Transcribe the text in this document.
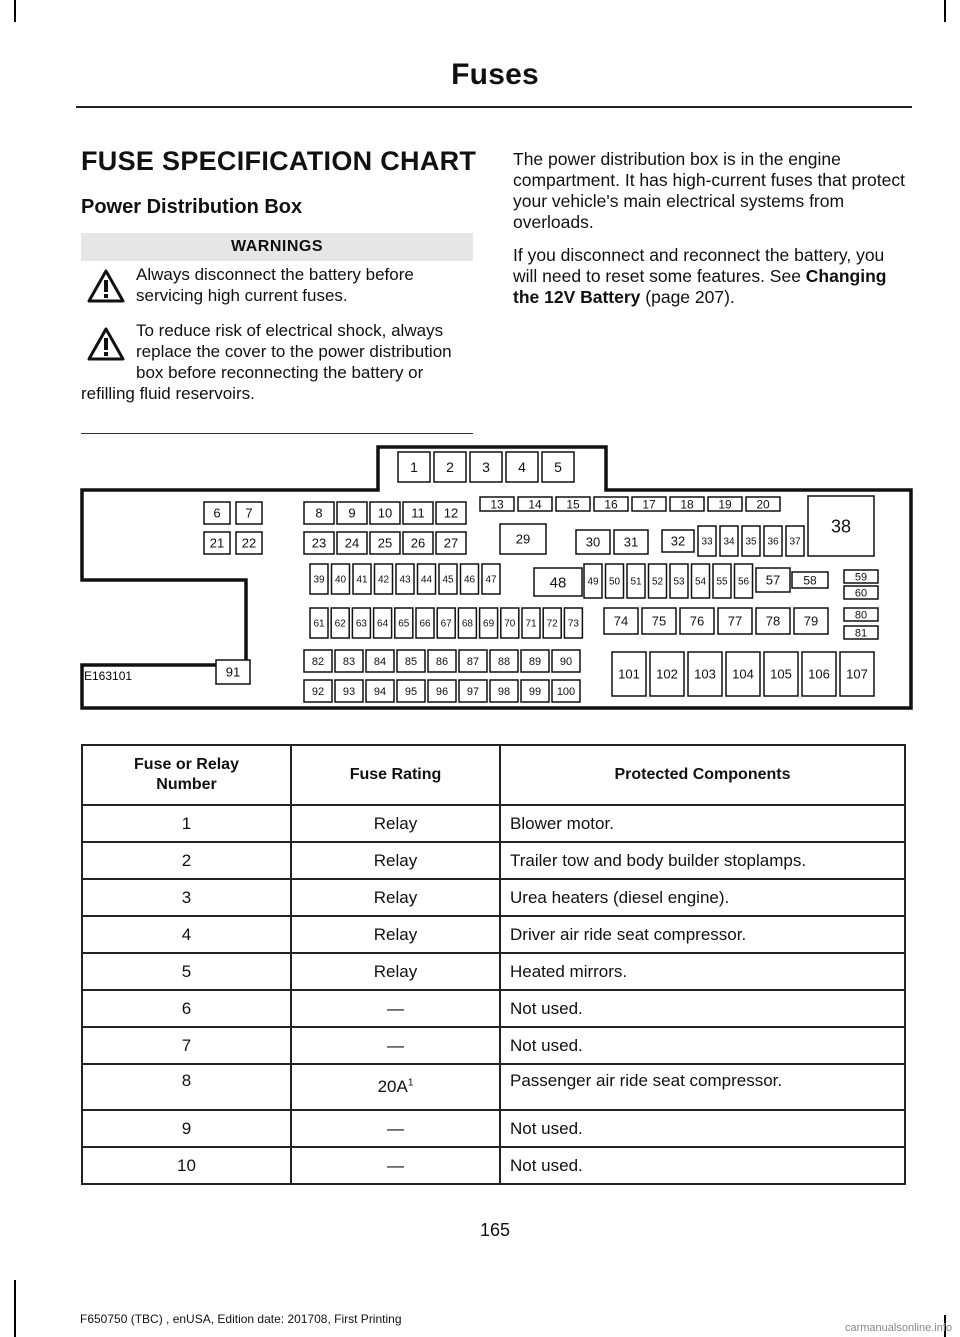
Fuses
FUSE SPECIFICATION CHART
Power Distribution Box
WARNINGS
Always disconnect the battery before servicing high current fuses.
To reduce risk of electrical shock, always replace the cover to the power distribution box before reconnecting the battery or refilling fluid reservoirs.
The power distribution box is in the engine compartment. It has high-current fuses that protect your vehicle's main electrical systems from overloads.
If you disconnect and reconnect the battery, you will need to reset some features. See Changing the 12V Battery (page 207).
1 2 3 4 5
6 7
21 22
8 9 10 11 12
23 24 25 26 27
13 14 15 16 17 18 19 20
29	30 31	32 33 34 35 36 37
38
39 40 41 42 43 44 45 46 47	48 49 50 51 52 53 54 55 56 57 58	59
60
80
81
61 62 63 64 65 66 67 68 69 70 71 72 73	74 75 76 77 78 79
91
82 83 84 85 86 87 88 89 90
92 93 94 95 96 97 98 99 100
101 102 103 104 105 106 107
E163101
Fuse or Relay Number	Fuse Rating	Protected Components
1	Relay	Blower motor.
2	Relay	Trailer tow and body builder stoplamps.
3	Relay	Urea heaters (diesel engine).
4	Relay	Driver air ride seat compressor.
5	Relay	Heated mirrors.
6	—	Not used.
7	—	Not used.
8	$20A^1$	Passenger air ride seat compressor.
9	—	Not used.
10	—	Not used.
165
F650750 (TBC) , enUSA, Edition date: 201708, First Printing
carmanualsonline.info
